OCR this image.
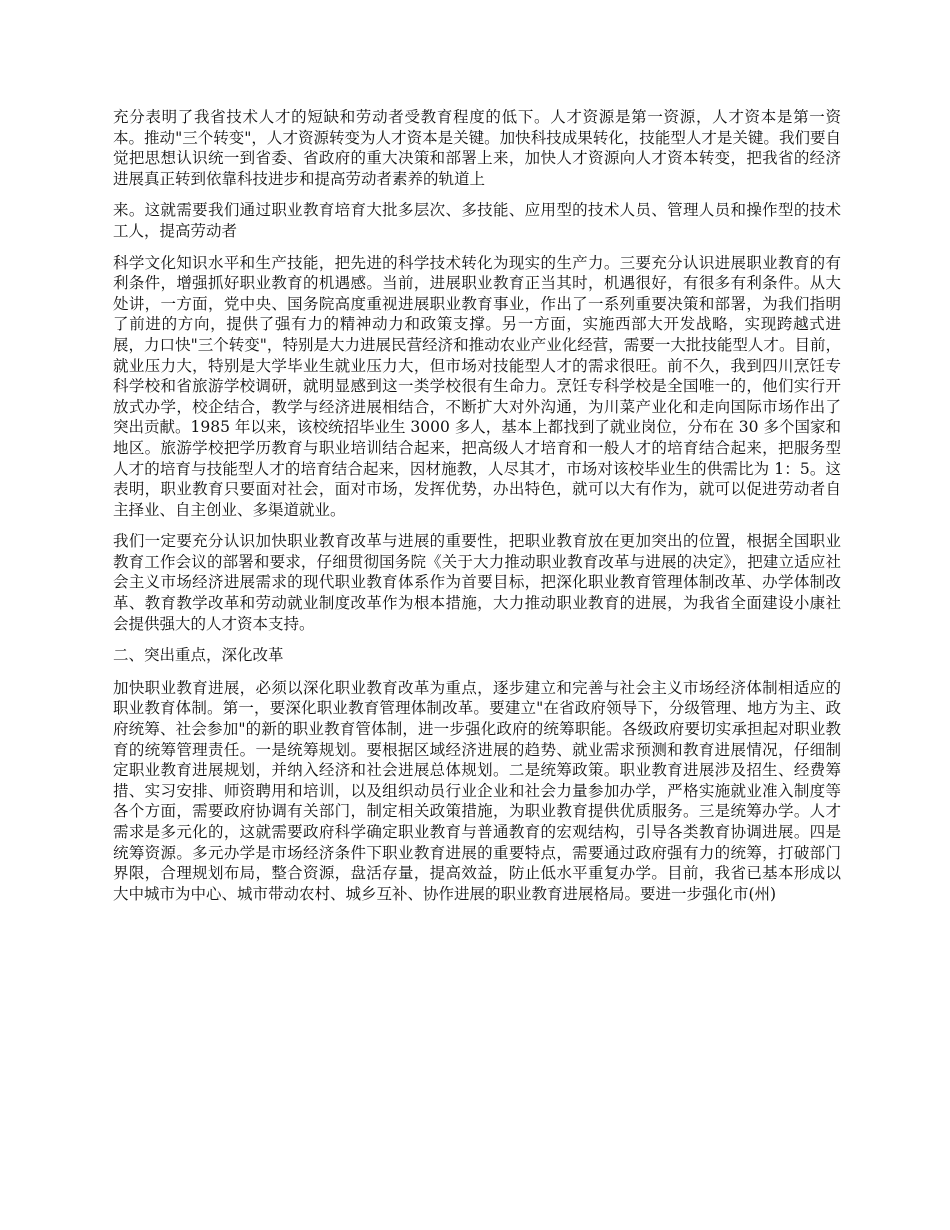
充分表明了我省技术人才的短缺和劳动者受教育程度的低下。人才资源是第一资源，人才资本是第一资本。推动"三个转变"，人才资源转变为人才资本是关键。加快科技成果转化，技能型人才是关键。我们要自觉把思想认识统一到省委、省政府的重大决策和部署上来，加快人才资源向人才资本转变，把我省的经济进展真正转到依靠科技进步和提高劳动者素养的轨道上

来。这就需要我们通过职业教育培育大批多层次、多技能、应用型的技术人员、管理人员和操作型的技术工人，提高劳动者

科学文化知识水平和生产技能，把先进的科学技术转化为现实的生产力。三要充分认识进展职业教育的有利条件，增强抓好职业教育的机遇感。当前，进展职业教育正当其时，机遇很好，有很多有利条件。从大处讲，一方面，党中央、国务院高度重视进展职业教育事业，作出了一系列重要决策和部署，为我们指明了前进的方向，提供了强有力的精神动力和政策支撑。另一方面，实施西部大开发战略，实现跨越式进展，力口快"三个转变"，特别是大力进展民营经济和推动农业产业化经营，需要一大批技能型人才。目前，就业压力大，特别是大学毕业生就业压力大，但市场对技能型人才的需求很旺。前不久，我到四川烹饪专科学校和省旅游学校调研，就明显感到这一类学校很有生命力。烹饪专科学校是全国唯一的，他们实行开放式办学，校企结合，教学与经济进展相结合，不断扩大对外沟通，为川菜产业化和走向国际市场作出了突出贡献。1985 年以来，该校统招毕业生 3000 多人，基本上都找到了就业岗位，分布在 30 多个国家和地区。旅游学校把学历教育与职业培训结合起来，把高级人才培育和一般人才的培育结合起来，把服务型人才的培育与技能型人才的培育结合起来，因材施教，人尽其才，市场对该校毕业生的供需比为 1：5。这表明，职业教育只要面对社会，面对市场，发挥优势，办出特色，就可以大有作为，就可以促进劳动者自主择业、自主创业、多渠道就业。

我们一定要充分认识加快职业教育改革与进展的重要性，把职业教育放在更加突出的位置，根据全国职业教育工作会议的部署和要求，仔细贯彻国务院《关于大力推动职业教育改革与进展的决定》，把建立适应社会主义市场经济进展需求的现代职业教育体系作为首要目标，把深化职业教育管理体制改革、办学体制改革、教育教学改革和劳动就业制度改革作为根本措施，大力推动职业教育的进展，为我省全面建设小康社会提供强大的人才资本支持。

二、突出重点，深化改革

加快职业教育进展，必须以深化职业教育改革为重点，逐步建立和完善与社会主义市场经济体制相适应的职业教育体制。第一，要深化职业教育管理体制改革。要建立"在省政府领导下，分级管理、地方为主、政府统筹、社会参加"的新的职业教育管体制，进一步强化政府的统筹职能。各级政府要切实承担起对职业教育的统筹管理责任。一是统筹规划。要根据区域经济进展的趋势、就业需求预测和教育进展情况，仔细制定职业教育进展规划，并纳入经济和社会进展总体规划。二是统筹政策。职业教育进展涉及招生、经费筹措、实习安排、师资聘用和培训，以及组织动员行业企业和社会力量参加办学，严格实施就业准入制度等各个方面，需要政府协调有关部门，制定相关政策措施，为职业教育提供优质服务。三是统筹办学。人才需求是多元化的，这就需要政府科学确定职业教育与普通教育的宏观结构，引导各类教育协调进展。四是统筹资源。多元办学是市场经济条件下职业教育进展的重要特点，需要通过政府强有力的统筹，打破部门界限，合理规划布局，整合资源，盘活存量，提高效益，防止低水平重复办学。目前，我省已基本形成以大中城市为中心、城市带动农村、城乡互补、协作进展的职业教育进展格局。要进一步强化市(州)
